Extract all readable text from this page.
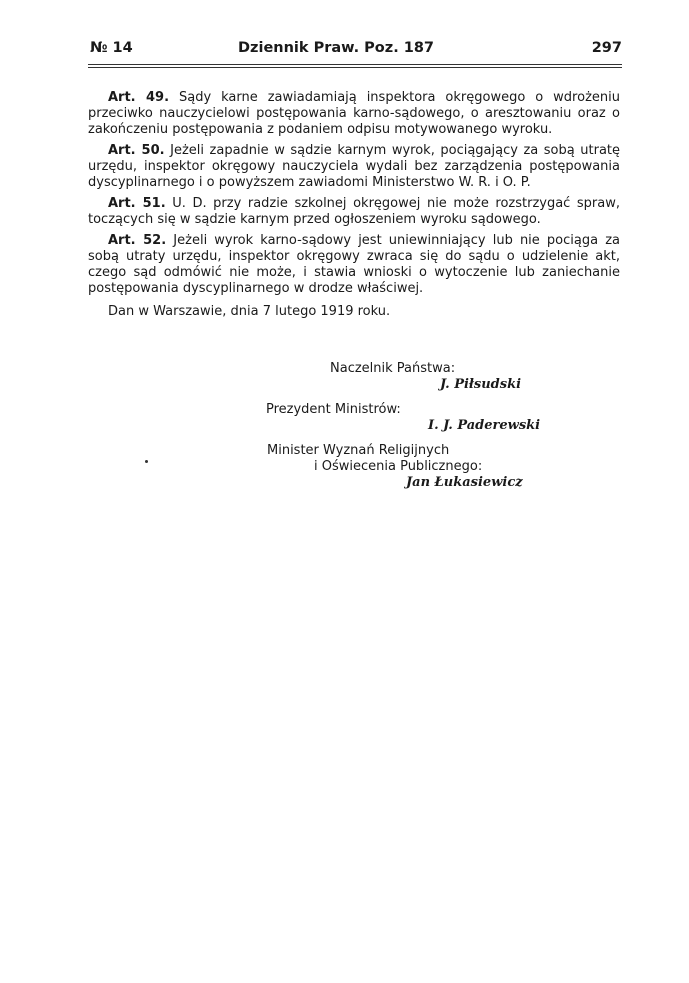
№ 14	Dziennik Praw. Poz. 187	297

Art. 49. Sądy karne zawiadamiają inspektora okręgowego o wdrożeniu przeciwko nauczycielowi postępowania karno-sądowego, o aresztowaniu oraz o zakończeniu postępowania z podaniem odpisu motywowanego wyroku.

Art. 50. Jeżeli zapadnie w sądzie karnym wyrok, pociągający za sobą utratę urzędu, inspektor okręgowy nauczyciela wydali bez zarządzenia postępowania dyscyplinarnego i o powyższem zawiadomi Ministerstwo W. R. i O. P.

Art. 51. U. D. przy radzie szkolnej okręgowej nie może rozstrzygać spraw, toczących się w sądzie karnym przed ogłoszeniem wyroku sądowego.

Art. 52. Jeżeli wyrok karno-sądowy jest uniewinniający lub nie pociąga za sobą utraty urzędu, inspektor okręgowy zwraca się do sądu o udzielenie akt, czego sąd odmówić nie może, i stawia wnioski o wytoczenie lub zaniechanie postępowania dyscyplinarnego w drodze właściwej.

Dan w Warszawie, dnia 7 lutego 1919 roku.

Naczelnik Państwa:
J. Piłsudski
Prezydent Ministrów:
I. J. Paderewski
Minister Wyznań Religijnych
i Oświecenia Publicznego:
Jan Łukasiewicz
